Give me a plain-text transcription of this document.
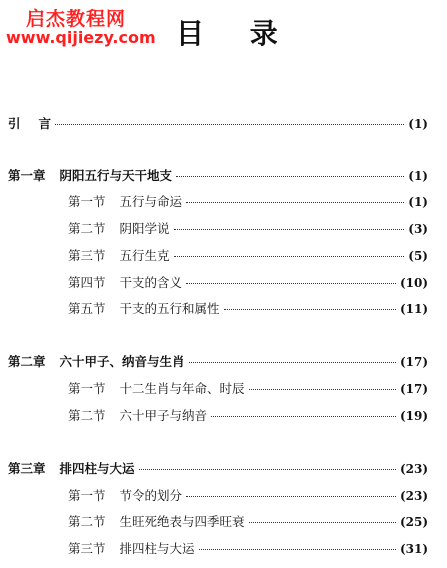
启杰教程网
www.qijiezy.com 目 录
引 言	(1)
第一章 阴阳五行与天干地支	(1)
第一节 五行与命运	(1)
第二节 阴阳学说	(3)
第三节 五行生克	(5)
第四节 干支的含义	(10)
第五节 干支的五行和属性	(11)
第二章 六十甲子、纳音与生肖	(17)
第一节 十二生肖与年命、时辰	(17)
第二节 六十甲子与纳音	(19)
第三章 排四柱与大运	(23)
第一节 节令的划分	(23)
第二节 生旺死绝表与四季旺衰	(25)
第三节 排四柱与大运	(31)
